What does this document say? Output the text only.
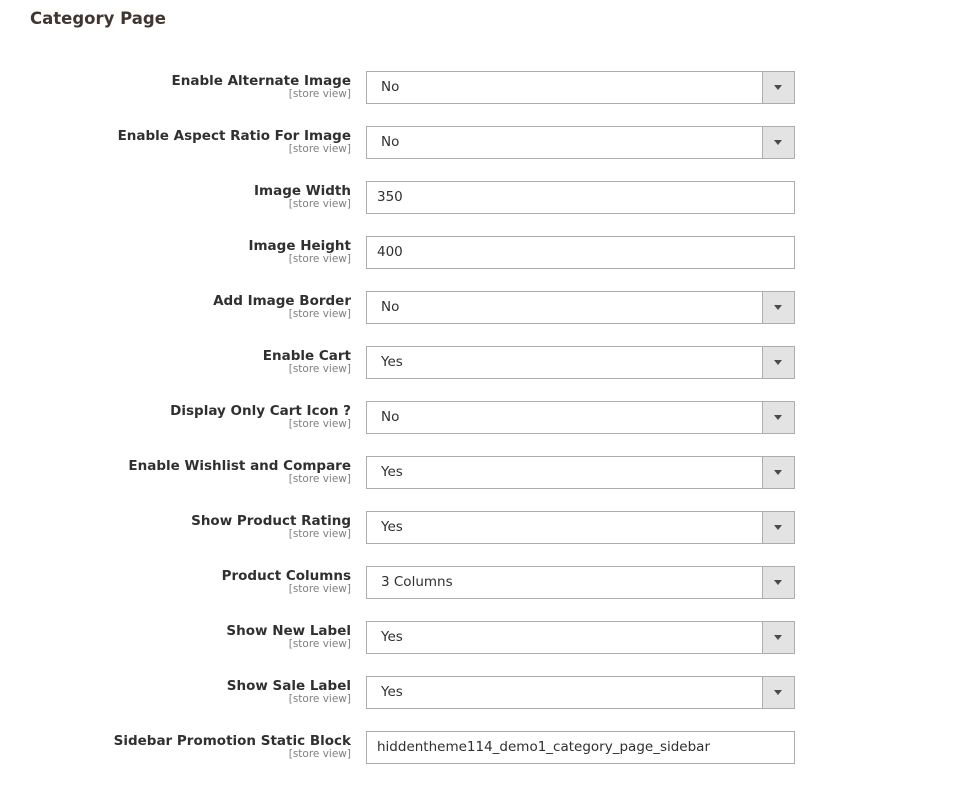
Category Page
Enable Alternate Image
[store view] No
Enable Aspect Ratio For Image
[store view] No
Image Width
[store view] 350
Image Height
[store view] 400
Add Image Border
[store view] No
Enable Cart
[store view] Yes
Display Only Cart Icon ?
[store view] No
Enable Wishlist and Compare
[store view] Yes
Show Product Rating
[store view] Yes
Product Columns
[store view] 3 Columns
Show New Label
[store view] Yes
Show Sale Label
[store view] Yes
Sidebar Promotion Static Block
[store view] hiddentheme114_demo1_category_page_sidebar
